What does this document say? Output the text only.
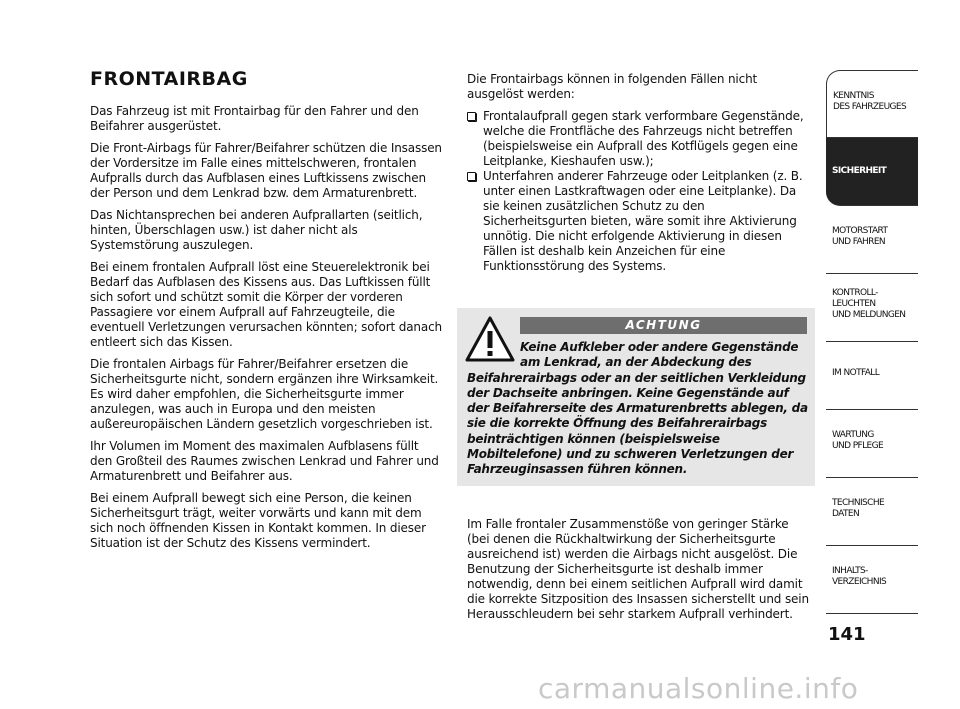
FRONTAIRBAG

Das Fahrzeug ist mit Frontairbag für den Fahrer und den Beifahrer ausgerüstet.

Die Front-Airbags für Fahrer/Beifahrer schützen die Insassen der Vordersitze im Falle eines mittelschweren, frontalen Aufpralls durch das Aufblasen eines Luftkissens zwischen der Person und dem Lenkrad bzw. dem Armaturenbrett.

Das Nichtansprechen bei anderen Aufprallarten (seitlich, hinten, Überschlagen usw.) ist daher nicht als Systemstörung auszulegen.

Bei einem frontalen Aufprall löst eine Steuerelektronik bei Bedarf das Aufblasen des Kissens aus. Das Luftkissen füllt sich sofort und schützt somit die Körper der vorderen Passagiere vor einem Aufprall auf Fahrzeugteile, die eventuell Verletzungen verursachen könnten; sofort danach entleert sich das Kissen.

Die frontalen Airbags für Fahrer/Beifahrer ersetzen die Sicherheitsgurte nicht, sondern ergänzen ihre Wirksamkeit. Es wird daher empfohlen, die Sicherheitsgurte immer anzulegen, was auch in Europa und den meisten außereuropäischen Ländern gesetzlich vorgeschrieben ist.

Ihr Volumen im Moment des maximalen Aufblasens füllt den Großteil des Raumes zwischen Lenkrad und Fahrer und Armaturenbrett und Beifahrer aus.

Bei einem Aufprall bewegt sich eine Person, die keinen Sicherheitsgurt trägt, weiter vorwärts und kann mit dem sich noch öffnenden Kissen in Kontakt kommen. In dieser Situation ist der Schutz des Kissens vermindert.

Die Frontairbags können in folgenden Fällen nicht ausgelöst werden:

Frontalaufprall gegen stark verformbare Gegenstände, welche die Frontfläche des Fahrzeugs nicht betreffen (beispielsweise ein Aufprall des Kotflügels gegen eine Leitplanke, Kieshaufen usw.);

Unterfahren anderer Fahrzeuge oder Leitplanken (z. B. unter einen Lastkraftwagen oder eine Leitplanke). Da sie keinen zusätzlichen Schutz zu den Sicherheitsgurten bieten, wäre somit ihre Aktivierung unnötig. Die nicht erfolgende Aktivierung in diesen Fällen ist deshalb kein Anzeichen für eine Funktionsstörung des Systems.

ACHTUNG
Keine Aufkleber oder andere Gegenstände
am Lenkrad, an der Abdeckung des
Beifahrerairbags oder an der seitlichen Verkleidung der Dachseite anbringen. Keine Gegenstände auf der Beifahrerseite des Armaturenbretts ablegen, da sie die korrekte Öffnung des Beifahrerairbags beinträchtigen können (beispielsweise Mobiltelefone) und zu schweren Verletzungen der Fahrzeuginsassen führen können.

Im Falle frontaler Zusammenstöße von geringer Stärke (bei denen die Rückhaltwirkung der Sicherheitsgurte ausreichend ist) werden die Airbags nicht ausgelöst. Die Benutzung der Sicherheitsgurte ist deshalb immer notwendig, denn bei einem seitlichen Aufprall wird damit die korrekte Sitzposition des Insassen sicherstellt und sein Herausschleudern bei sehr starkem Aufprall verhindert.

KENNTNIS
DES FAHRZEUGES
SICHERHEIT
MOTORSTART
UND FAHREN
KONTROLL-
LEUCHTEN
UND MELDUNGEN
IM NOTFALL
WARTUNG
UND PFLEGE
TECHNISCHE
DATEN
INHALTS-
VERZEICHNIS
141
carmanualsonline.info
